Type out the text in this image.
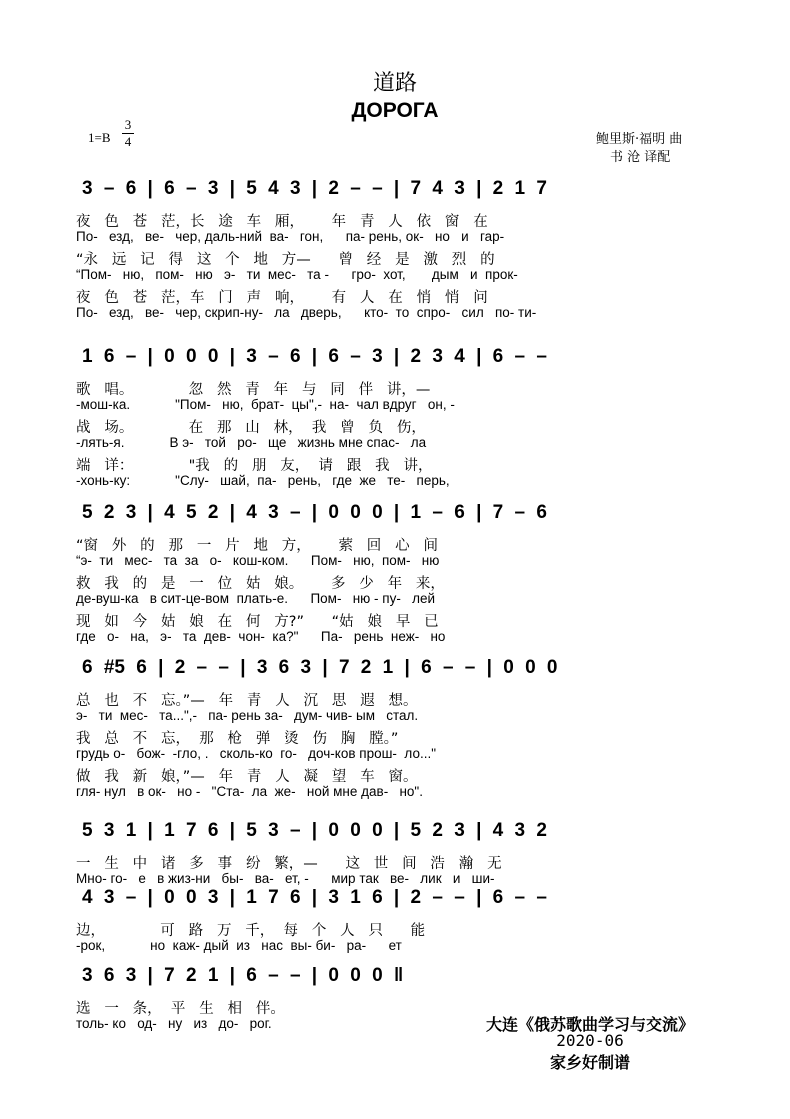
道路
ДОРОГА
1=B
3
4	鲍里斯·福明 曲
书 沧 译配
3 – 6 | 6 – 3 | 5 4 3 | 2 – – | 7 4 3 | 2 1 7
夜   色   苍   茫，长   途   车   厢，      年   青   人   依   窗   在
По-   езд,   ве-   чер, даль-ний  ва-   гон,      па- рень, ок-   но   и   гар-
“永   远   记   得   这   个   地   方—      曾   经   是   激   烈   的
“Пом-   ню,   пом-   ню   э-   ти  мес-   та -      гро-  хот,       дым   и  прок-
夜   色   苍   茫，车   门   声   响，      有   人   在   悄   悄   问
По-   езд,   ве-   чер, скрип-ну-   ла   дверь,      кто-  то  спро-   сил   по- ти-
1 6 – | 0 0 0 | 3 – 6 | 6 – 3 | 2 3 4 | 6 – –
歌   唱。            忽   然   青   年   与   同   伴   讲，—
-мош-ка.            "Пом-   ню,  брат-  цы",-  на-  чал вдруг   он, -
战   场。            在   那   山   林，  我   曾   负   伤，
-лять-я.            В э-   той   ро-   ще   жизнь мне спас-   ла
端   详：            "我   的   朋   友，  请   跟   我   讲，
-хонь-ку:            "Слу-   шай,  па-   рень,   где  же   те-   перь,
5 2 3 | 4 5 2 | 4 3 – | 0 0 0 | 1 – 6 | 7 – 6
“窗   外   的   那   一   片   地   方，      萦   回   心   间
“э-  ти   мес-   та  за   о-   кош-ком.      Пом-   ню,  пом-   ню
救   我   的   是   一   位   姑   娘。      多   少   年   来，
де-вуш-ка   в сит-це-вом  плать-е.      Пом-   ню - пу-   лей
现   如   今   姑   娘   在   何   方?”      “姑   娘   早   已
где   о-   на,   э-   та  дев-  чон-  ка?"      Па-   рень  неж-   но
6 #5 6 | 2 – – | 3 6 3 | 7 2 1 | 6 – – | 0 0 0
总   也   不   忘。”—   年   青   人   沉   思   遐   想。
э-   ти  мес-   та...",-   па- рень за-   дум- чив- ым   стал.
我   总   不   忘，  那   枪   弹   烫   伤   胸   膛。”
грудь о-   бож-  -гло, .   сколь-ко  го-   доч-ков прош-  ло..."
做   我   新   娘，”—   年   青   人   凝   望   车   窗。
гля- нул   в ок-   но -   "Ста-  ла  же-   ной мне дав-   но".
5 3 1 | 1 7 6 | 5 3 – | 0 0 0 | 5 2 3 | 4 3 2
一   生   中   诸   多   事   纷   繁，—      这   世   间   浩   瀚   无
Мно- го-   е   в жиз-ни   бы-   ва-   ет, -      мир так   ве-   лик   и   ши-
4 3 – | 0 0 3 | 1 7 6 | 3 1 6 | 2 – – | 6 – –
边，            可   路   万   千，  每   个   人   只      能
-рок,            но  каж- дый  из   нас  вы- би-   ра-      ет
3 6 3 | 7 2 1 | 6 – – | 0 0 0 ‖
选   一   条，  平   生   相   伴。
толь- ко   од-   ну   из   до-   рог.	大连《俄苏歌曲学习与交流》
2020-06
家乡好制谱
